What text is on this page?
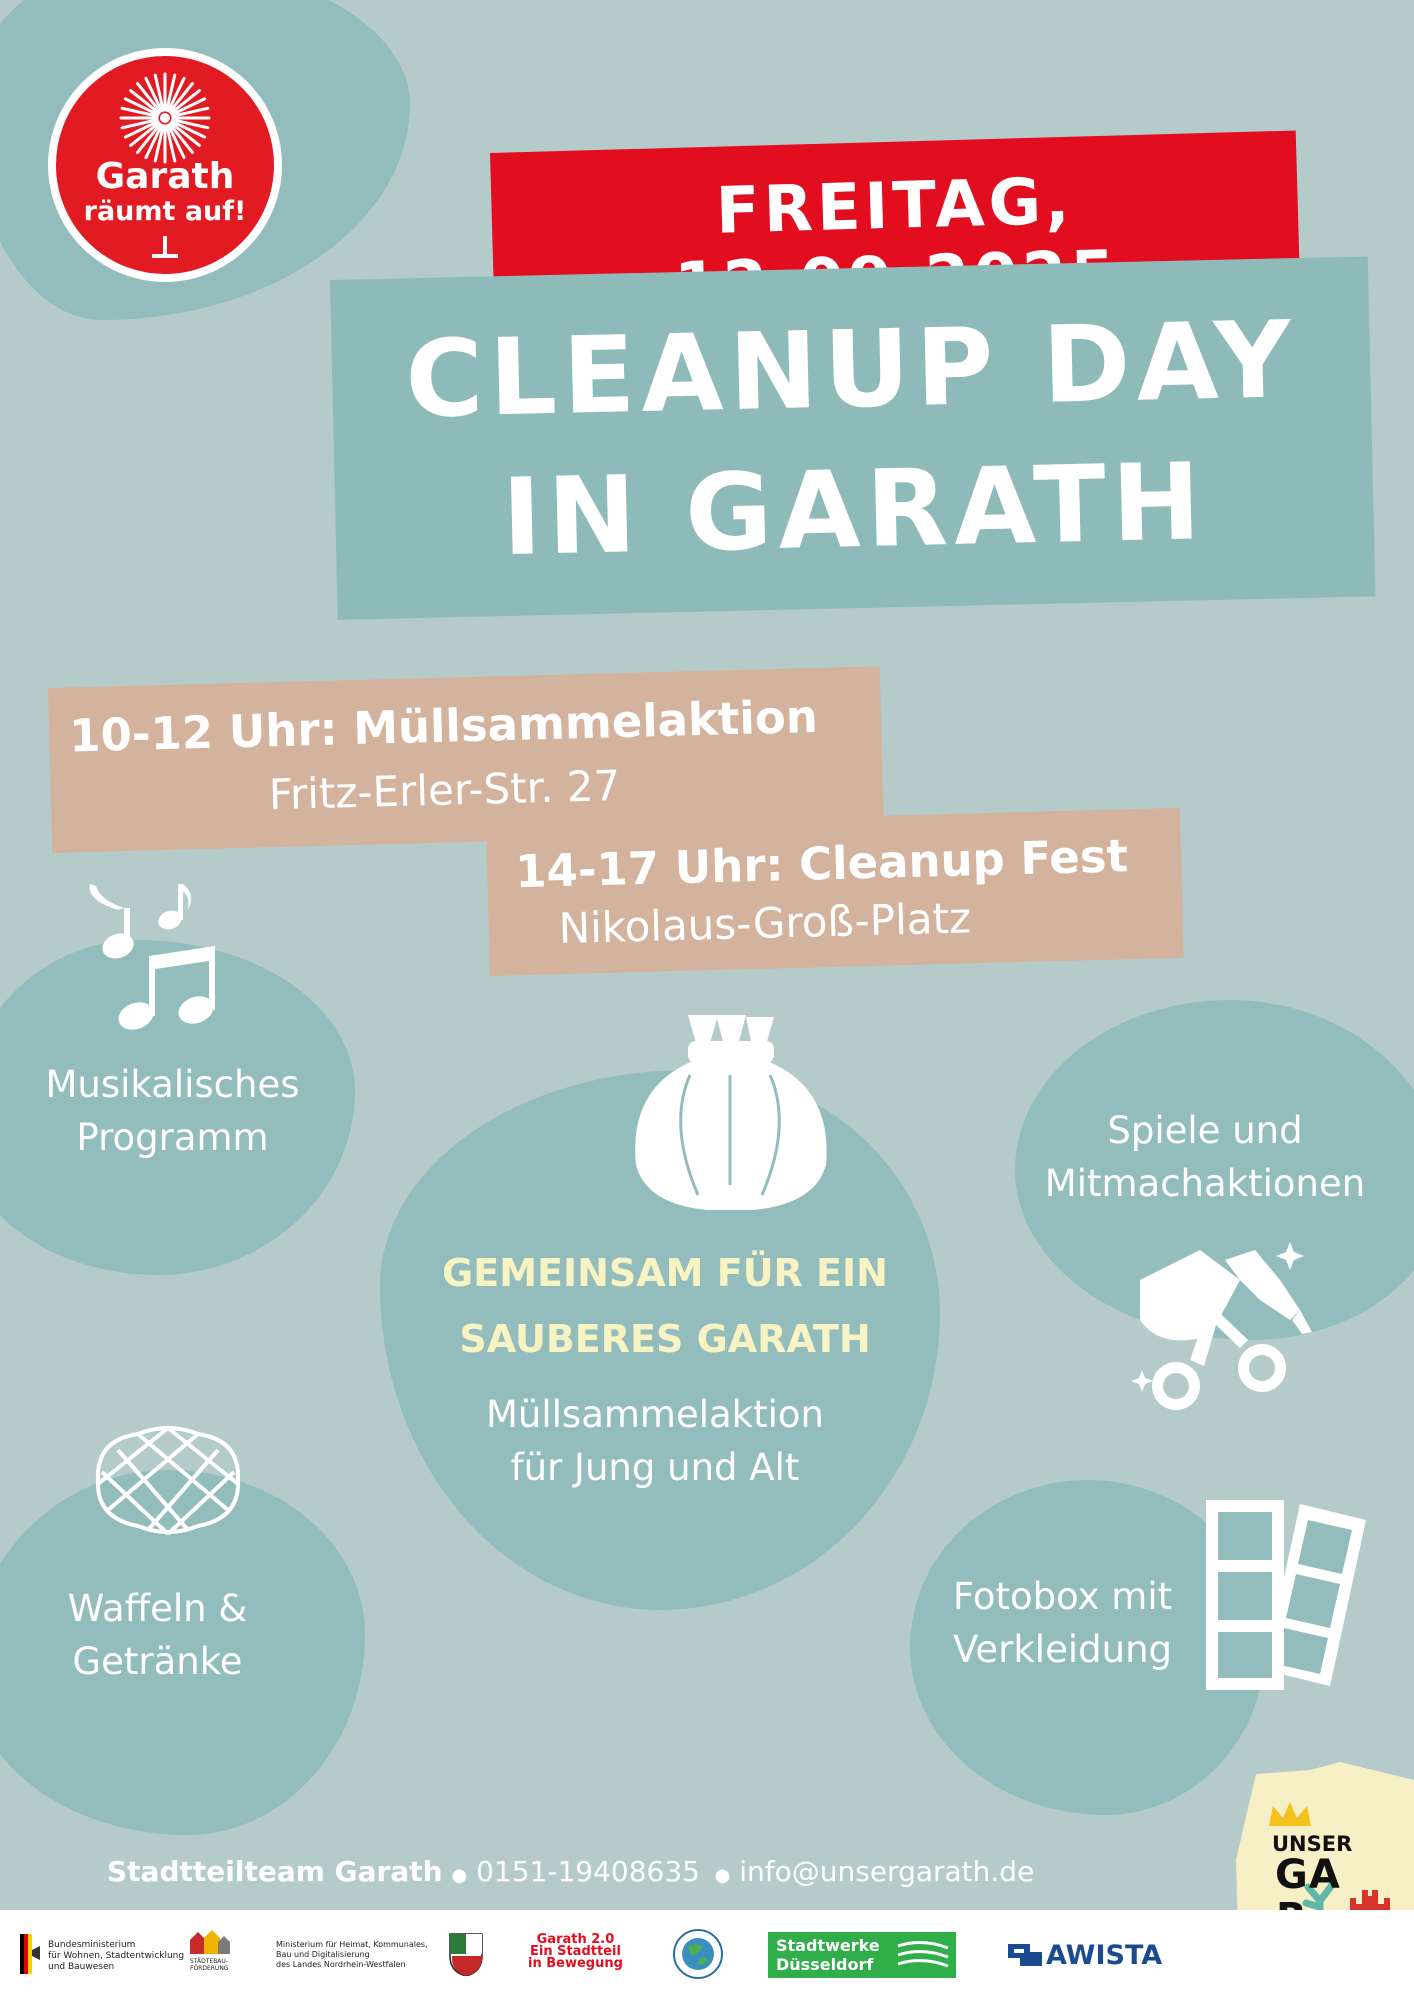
Garath
räumt auf!	FREITAG,
CLEANUP DAY
IN GARATH
10-12 Uhr: Müllsammelaktion
Fritz-Erler-Str. 27
14-17 Uhr: Cleanup Fest
Nikolaus-Groß-Platz
Musikalisches
Programm
GEMEINSAM FÜR EIN
SAUBERES GARATH
Müllsammelaktion
für Jung und Alt
Spiele und
Mitmachaktionen
Waffeln &
Getränke
Fotobox mit
Verkleidung
UNSER
GA
Stadtteilteam Garath ● 0151-19408635 ● info@unsergarath.de
Bundesministerium
für Wohnen, Stadtentwicklung
und Bauwesen
STÄDTEBAU-
FÖRDERUNG
Ministerium für Heimat, Kommunales,
Bau und Digitalisierung
des Landes Nordrhein-Westfalen
Garath 2.0
Ein Stadtteil
in Bewegung
Stadtwerke
Düsseldorf	AWISTA
